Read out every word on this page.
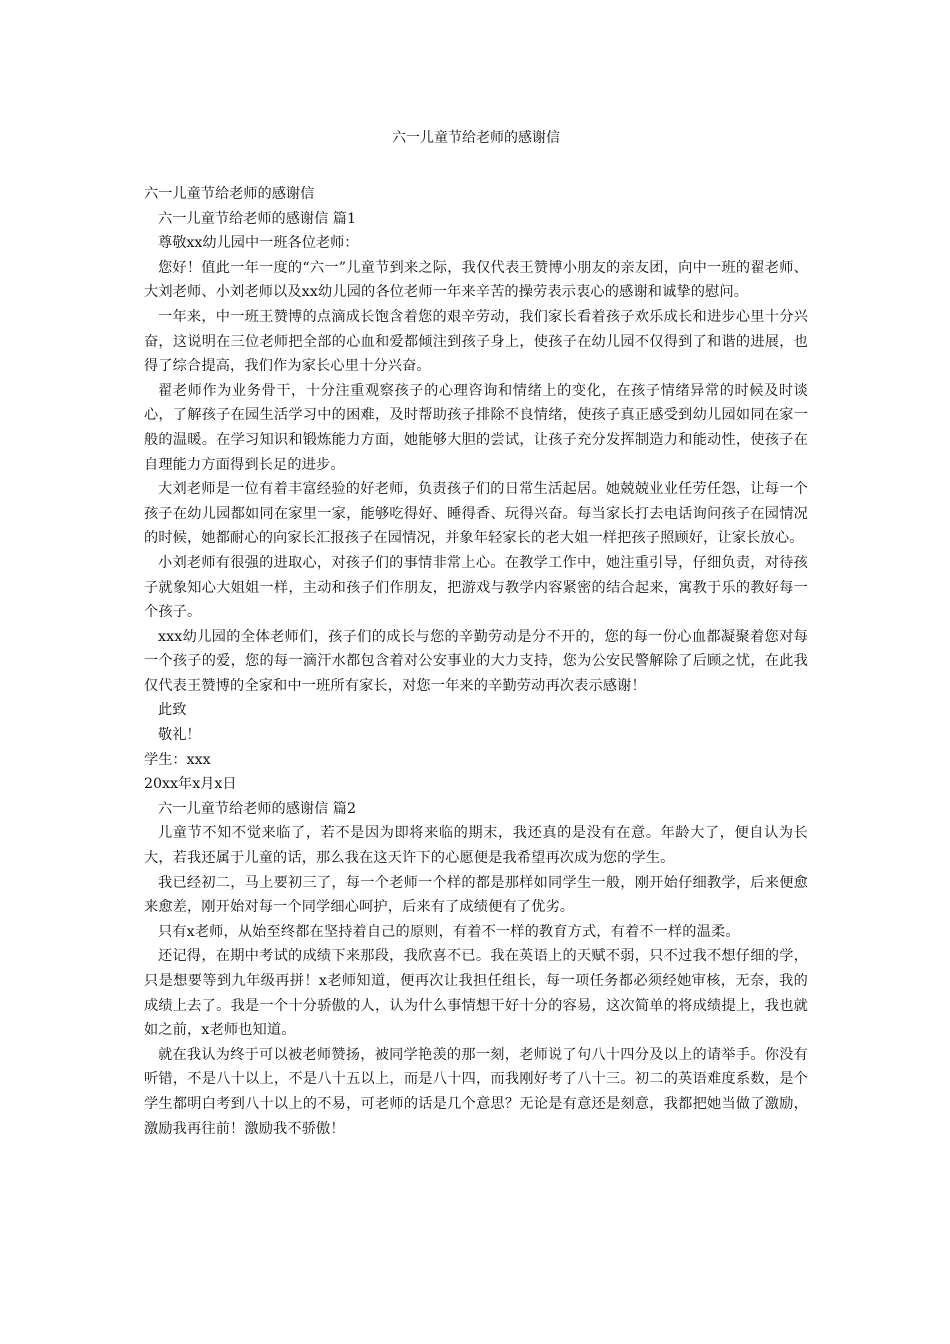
六一儿童节给老师的感谢信

六一儿童节给老师的感谢信

六一儿童节给老师的感谢信 篇1

尊敬xx幼儿园中一班各位老师：

您好！值此一年一度的“六一”儿童节到来之际，我仅代表王赞博小朋友的亲友团，向中一班的翟老师、大刘老师、小刘老师以及xx幼儿园的各位老师一年来辛苦的操劳表示衷心的感谢和诚挚的慰问。

一年来，中一班王赞博的点滴成长饱含着您的艰辛劳动，我们家长看着孩子欢乐成长和进步心里十分兴奋，这说明在三位老师把全部的心血和爱都倾注到孩子身上，使孩子在幼儿园不仅得到了和谐的进展，也得了综合提高，我们作为家长心里十分兴奋。

翟老师作为业务骨干，十分注重观察孩子的心理咨询和情绪上的变化，在孩子情绪异常的时候及时谈心，了解孩子在园生活学习中的困难，及时帮助孩子排除不良情绪，使孩子真正感受到幼儿园如同在家一般的温暖。在学习知识和锻炼能力方面，她能够大胆的尝试，让孩子充分发挥制造力和能动性，使孩子在自理能力方面得到长足的进步。

大刘老师是一位有着丰富经验的好老师，负责孩子们的日常生活起居。她兢兢业业任劳任怨，让每一个孩子在幼儿园都如同在家里一家，能够吃得好、睡得香、玩得兴奋。每当家长打去电话询问孩子在园情况的时候，她都耐心的向家长汇报孩子在园情况，并象年轻家长的老大姐一样把孩子照顾好，让家长放心。

小刘老师有很强的进取心，对孩子们的事情非常上心。在教学工作中，她注重引导，仔细负责，对待孩子就象知心大姐姐一样，主动和孩子们作朋友，把游戏与教学内容紧密的结合起来，寓教于乐的教好每一个孩子。

xxx幼儿园的全体老师们，孩子们的成长与您的辛勤劳动是分不开的，您的每一份心血都凝聚着您对每一个孩子的爱，您的每一滴汗水都包含着对公安事业的大力支持，您为公安民警解除了后顾之忧，在此我仅代表王赞博的全家和中一班所有家长，对您一年来的辛勤劳动再次表示感谢！

此致

敬礼！

学生：xxx

20xx年x月x日

六一儿童节给老师的感谢信 篇2

儿童节不知不觉来临了，若不是因为即将来临的期末，我还真的是没有在意。年龄大了，便自认为长大，若我还属于儿童的话，那么我在这天许下的心愿便是我希望再次成为您的学生。

我已经初二，马上要初三了，每一个老师一个样的都是那样如同学生一般，刚开始仔细教学，后来便愈来愈差，刚开始对每一个同学细心呵护，后来有了成绩便有了优劣。

只有x老师，从始至终都在坚持着自己的原则，有着不一样的教育方式，有着不一样的温柔。

还记得，在期中考试的成绩下来那段，我欣喜不已。我在英语上的天赋不弱，只不过我不想仔细的学，只是想要等到九年级再拼！x老师知道，便再次让我担任组长，每一项任务都必须经她审核，无奈，我的成绩上去了。我是一个十分骄傲的人，认为什么事情想干好十分的容易，这次简单的将成绩提上，我也就如之前，x老师也知道。

就在我认为终于可以被老师赞扬，被同学艳羡的那一刻，老师说了句八十四分及以上的请举手。你没有听错，不是八十以上，不是八十五以上，而是八十四，而我刚好考了八十三。初二的英语难度系数，是个学生都明白考到八十以上的不易，可老师的话是几个意思？无论是有意还是刻意，我都把她当做了激励，激励我再往前！激励我不骄傲！
